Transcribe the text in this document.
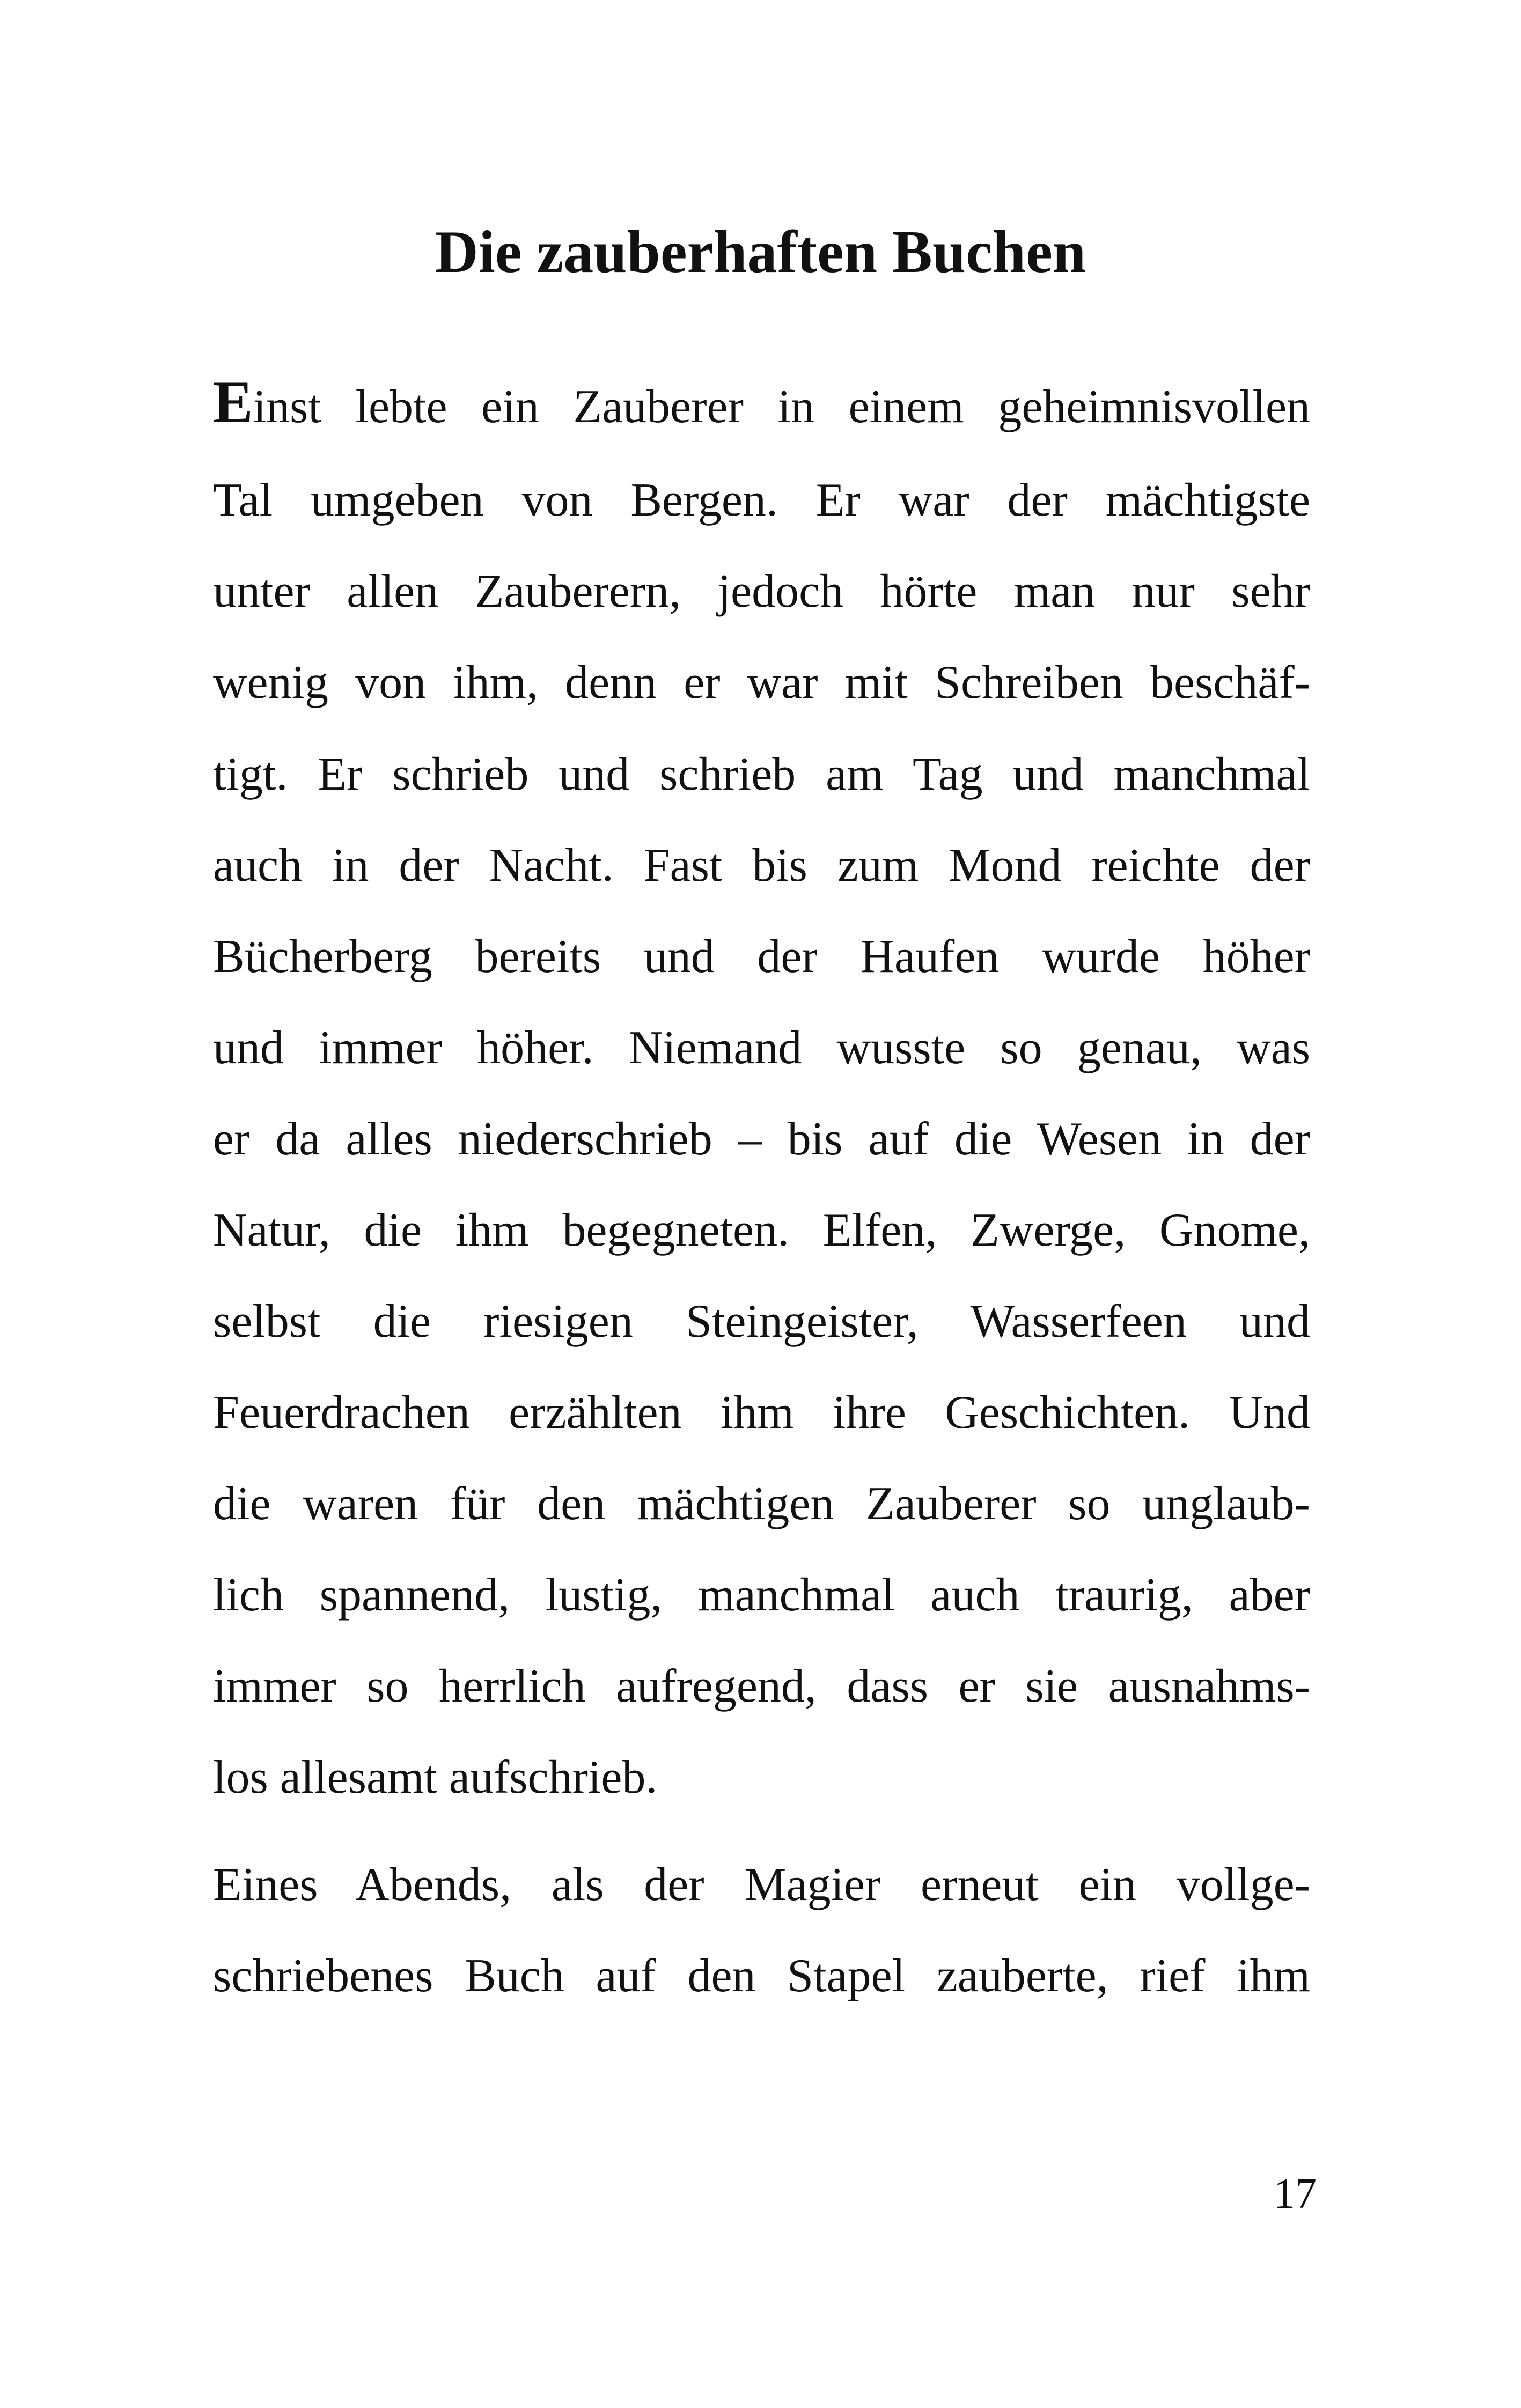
Die zauberhaften Buchen
Einst lebte ein Zauberer in einem geheimnisvollen
Tal umgeben von Bergen. Er war der mächtigste
unter allen Zauberern, jedoch hörte man nur sehr
wenig von ihm, denn er war mit Schreiben beschäf-
tigt. Er schrieb und schrieb am Tag und manchmal
auch in der Nacht. Fast bis zum Mond reichte der
Bücherberg bereits und der Haufen wurde höher
und immer höher. Niemand wusste so genau, was
er da alles niederschrieb – bis auf die Wesen in der
Natur, die ihm begegneten. Elfen, Zwerge, Gnome,
selbst die riesigen Steingeister, Wasserfeen und
Feuerdrachen erzählten ihm ihre Geschichten. Und
die waren für den mächtigen Zauberer so unglaub-
lich spannend, lustig, manchmal auch traurig, aber
immer so herrlich aufregend, dass er sie ausnahms-
los allesamt aufschrieb.
Eines Abends, als der Magier erneut ein vollge-
schriebenes Buch auf den Stapel zauberte, rief ihm
17
